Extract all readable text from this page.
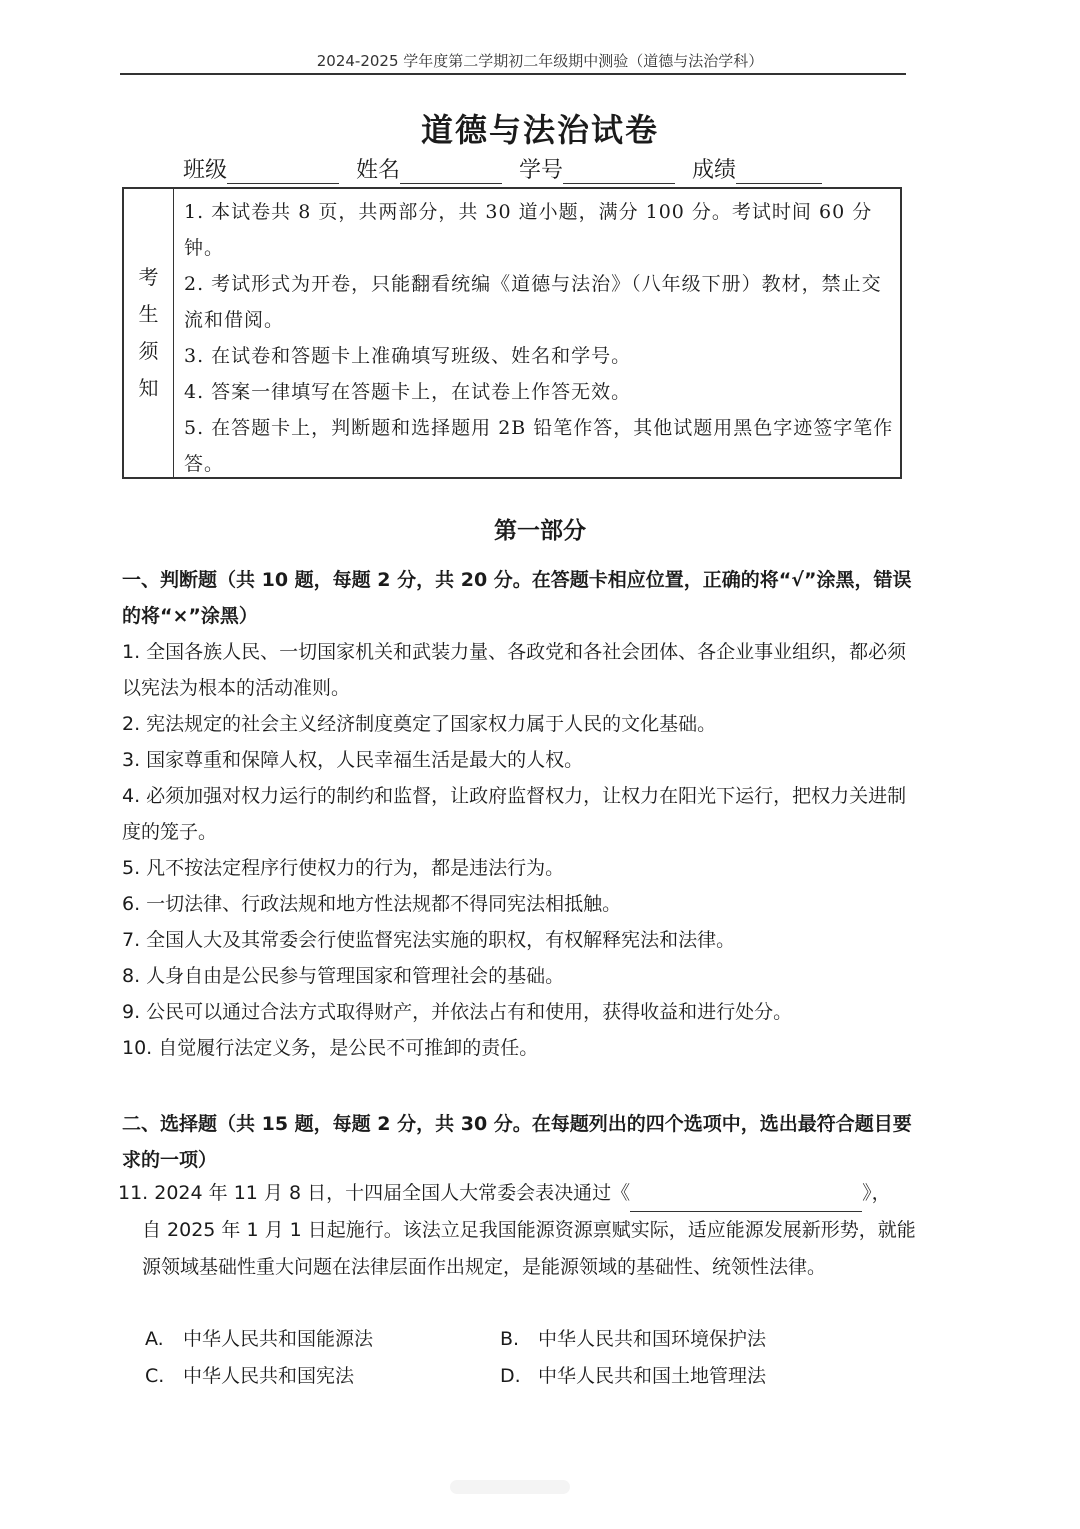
2024-2025 学年度第二学期初二年级期中测验（道德与法治学科）
道德与法治试卷
班级	姓名	学号	成绩
考
生
须
知

1. 本试卷共 8 页，共两部分，共 30 道小题，满分 100 分。考试时间 60 分钟。

2. 考试形式为开卷，只能翻看统编《道德与法治》（八年级下册）教材，禁止交流和借阅。

3. 在试卷和答题卡上准确填写班级、姓名和学号。

4. 答案一律填写在答题卡上，在试卷上作答无效。

5. 在答题卡上，判断题和选择题用 2B 铅笔作答，其他试题用黑色字迹签字笔作答。

第一部分

一、判断题（共 10 题，每题 2 分，共 20 分。在答题卡相应位置，正确的将“√”涂黑，错误的将“×”涂黑）

1. 全国各族人民、一切国家机关和武装力量、各政党和各社会团体、各企业事业组织，都必须以宪法为根本的活动准则。

2. 宪法规定的社会主义经济制度奠定了国家权力属于人民的文化基础。

3. 国家尊重和保障人权，人民幸福生活是最大的人权。

4. 必须加强对权力运行的制约和监督，让政府监督权力，让权力在阳光下运行，把权力关进制度的笼子。

5. 凡不按法定程序行使权力的行为，都是违法行为。

6. 一切法律、行政法规和地方性法规都不得同宪法相抵触。

7. 全国人大及其常委会行使监督宪法实施的职权，有权解释宪法和法律。

8. 人身自由是公民参与管理国家和管理社会的基础。

9. 公民可以通过合法方式取得财产，并依法占有和使用，获得收益和进行处分。

10. 自觉履行法定义务，是公民不可推卸的责任。

二、选择题（共 15 题，每题 2 分，共 30 分。在每题列出的四个选项中，选出最符合题目要求的一项）

11. 2024 年 11 月 8 日，十四届全国人大常委会表决通过《	》，

自 2025 年 1 月 1 日起施行。该法立足我国能源资源禀赋实际，适应能源发展新形势，就能源领域基础性重大问题在法律层面作出规定，是能源领域的基础性、统领性法律。

A. 中华人民共和国能源法	B. 中华人民共和国环境保护法
C. 中华人民共和国宪法	D. 中华人民共和国土地管理法
